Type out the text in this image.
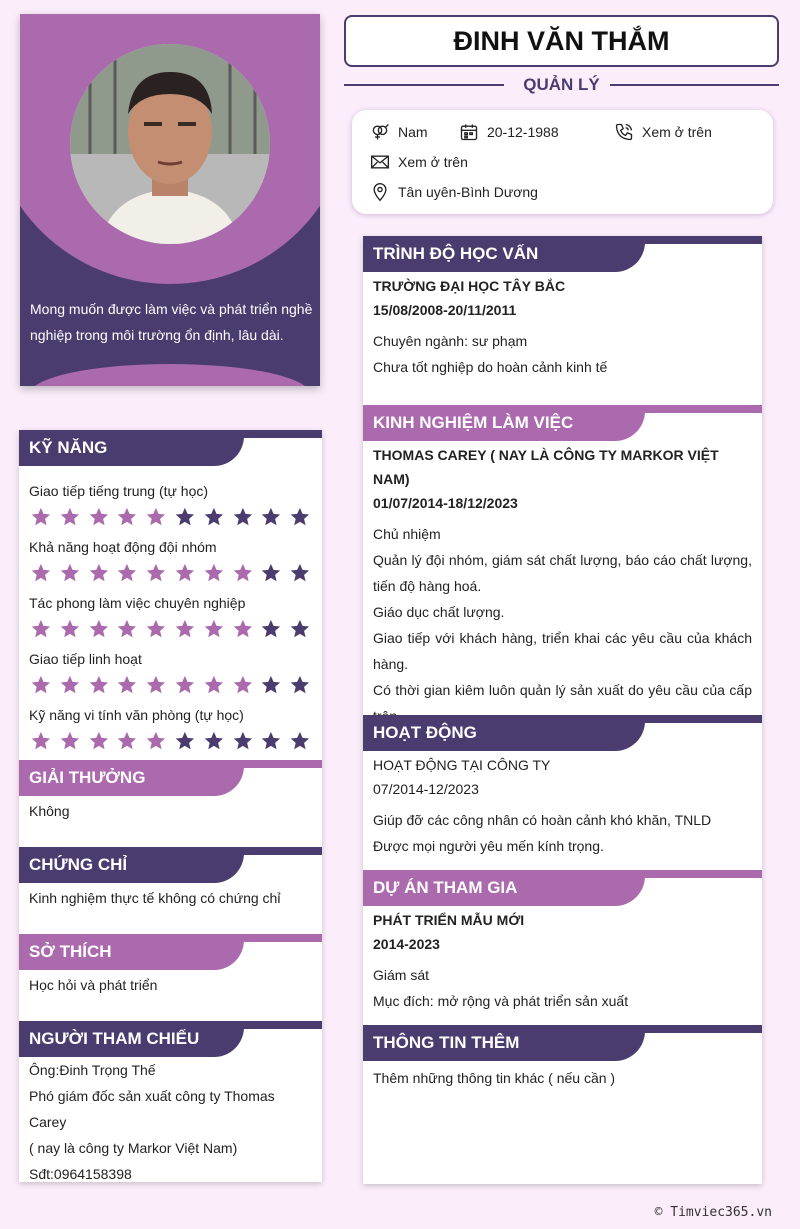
Mong muốn được làm việc và phát triển nghề nghiệp trong môi trường ổn định, lâu dài.
ĐINH VĂN THẮM
QUẢN LÝ
Nam	20-12-1988	Xem ở trên
Xem ở trên
Tân uyên-Bình Dương
KỸ NĂNG
Giao tiếp tiếng trung (tự học)
Khả năng hoạt động đội nhóm
Tác phong làm việc chuyên nghiệp
Giao tiếp linh hoạt
Kỹ năng vi tính văn phòng (tự học)
GIẢI THƯỞNG
Không
CHỨNG CHỈ
Kinh nghiệm thực tế không có chứng chỉ
SỞ THÍCH
Học hỏi và phát triển
NGƯỜI THAM CHIẾU
Ông:Đinh Trọng Thế
Phó giám đốc sản xuất công ty Thomas Carey
( nay là công ty Markor Việt Nam)
Sđt:0964158398
TRÌNH ĐỘ HỌC VẤN
TRƯỜNG ĐẠI HỌC TÂY BẮC
15/08/2008-20/11/2011
Chuyên ngành: sư phạm
Chưa tốt nghiệp do hoàn cảnh kinh tế
KINH NGHIỆM LÀM VIỆC
THOMAS CAREY ( NAY LÀ CÔNG TY MARKOR VIỆT NAM)
01/07/2014-18/12/2023
Chủ nhiệm
Quản lý đội nhóm, giám sát chất lượng, báo cáo chất lượng, tiến độ hàng hoá.
Giáo dục chất lượng.
Giao tiếp với khách hàng, triển khai các yêu cầu của khách hàng.
Có thời gian kiêm luôn quản lý sản xuất do yêu cầu của cấp
HOẠT ĐỘNG
HOẠT ĐỘNG TẠI CÔNG TY
07/2014-12/2023
Giúp đỡ các công nhân có hoàn cảnh khó khăn, TNLD
Được mọi người yêu mến kính trọng.
DỰ ÁN THAM GIA
PHÁT TRIỂN MẪU MỚI
2014-2023
Giám sát
Mục đích: mở rộng và phát triển sản xuất
THÔNG TIN THÊM
Thêm những thông tin khác ( nếu cần )
© Timviec365.vn
